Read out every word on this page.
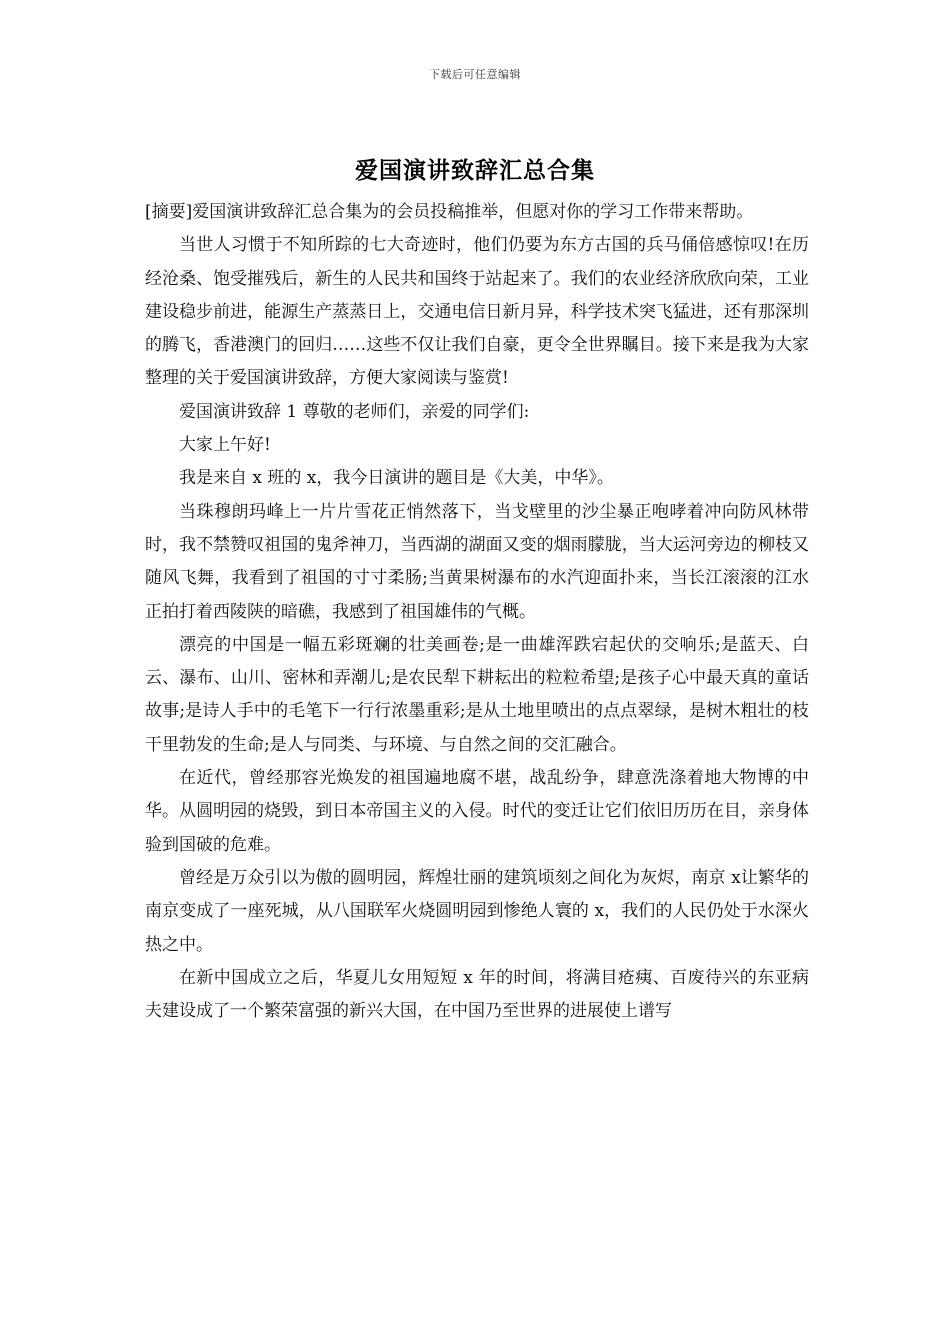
下载后可任意编辑
爱国演讲致辞汇总合集

[摘要]爱国演讲致辞汇总合集为的会员投稿推举，但愿对你的学习工作带来帮助。

当世人习惯于不知所踪的七大奇迹时，他们仍要为东方古国的兵马俑倍感惊叹!在历经沧桑、饱受摧残后，新生的人民共和国终于站起来了。我们的农业经济欣欣向荣，工业建设稳步前进，能源生产蒸蒸日上，交通电信日新月异，科学技术突飞猛进，还有那深圳的腾飞，香港澳门的回归……这些不仅让我们自豪，更令全世界瞩目。接下来是我为大家整理的关于爱国演讲致辞，方便大家阅读与鉴赏!

爱国演讲致辞 1 尊敬的老师们，亲爱的同学们:

大家上午好!

我是来自 x 班的 x，我今日演讲的题目是《大美，中华》。

当珠穆朗玛峰上一片片雪花正悄然落下，当戈壁里的沙尘暴正咆哮着冲向防风林带时，我不禁赞叹祖国的鬼斧神刀，当西湖的湖面又变的烟雨朦胧，当大运河旁边的柳枝又随风飞舞，我看到了祖国的寸寸柔肠;当黄果树瀑布的水汽迎面扑来，当长江滚滚的江水正拍打着西陵陕的暗礁，我感到了祖国雄伟的气概。

漂亮的中国是一幅五彩斑斓的壮美画卷;是一曲雄浑跌宕起伏的交响乐;是蓝天、白云、瀑布、山川、密林和弄潮儿;是农民犁下耕耘出的粒粒希望;是孩子心中最天真的童话故事;是诗人手中的毛笔下一行行浓墨重彩;是从土地里喷出的点点翠绿，是树木粗壮的枝干里勃发的生命;是人与同类、与环境、与自然之间的交汇融合。

在近代，曾经那容光焕发的祖国遍地腐不堪，战乱纷争，肆意洗涤着地大物博的中华。从圆明园的烧毁，到日本帝国主义的入侵。时代的变迁让它们依旧历历在目，亲身体验到国破的危难。

曾经是万众引以为傲的圆明园，辉煌壮丽的建筑顷刻之间化为灰烬，南京 x让繁华的南京变成了一座死城，从八国联军火烧圆明园到惨绝人寰的 x，我们的人民仍处于水深火热之中。

在新中国成立之后，华夏儿女用短短 x 年的时间，将满目疮痍、百废待兴的东亚病夫建设成了一个繁荣富强的新兴大国，在中国乃至世界的进展使上谱写
